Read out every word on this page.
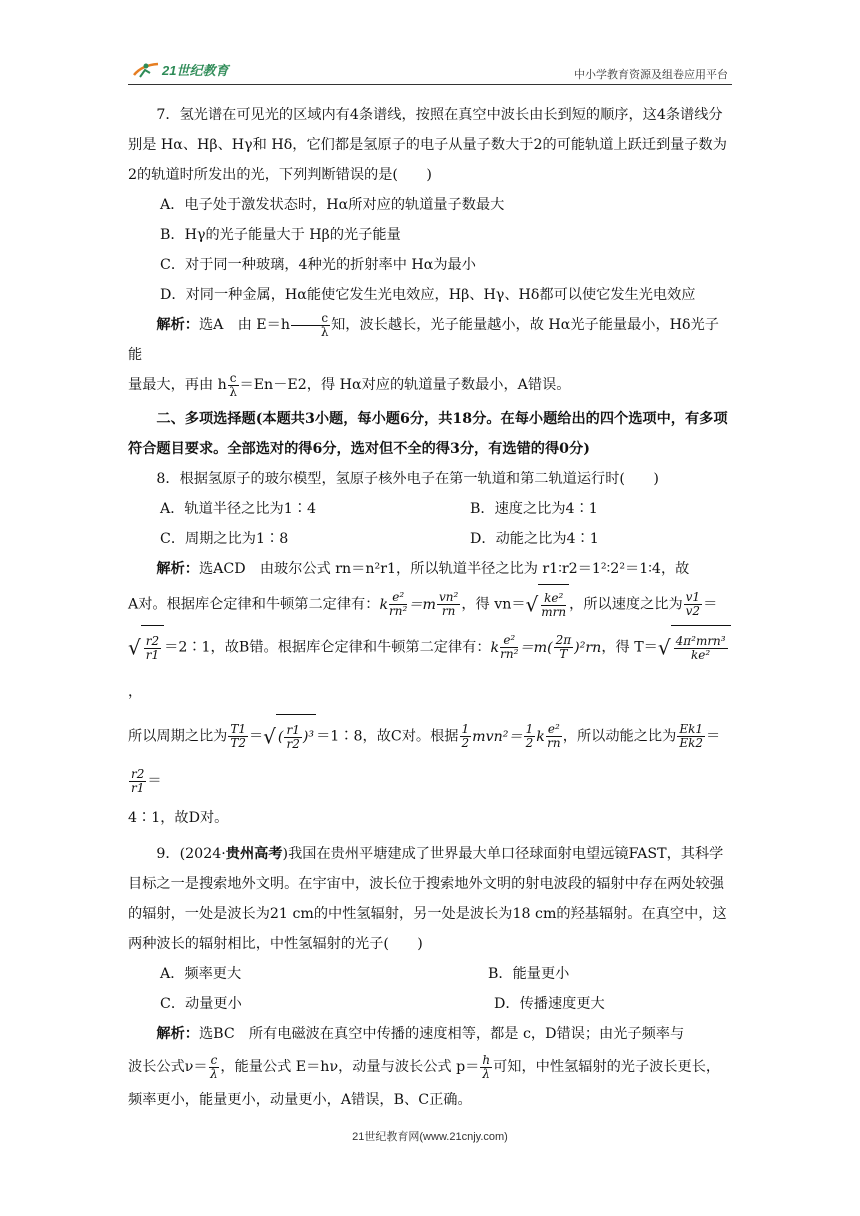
21世纪教育	中小学教育资源及组卷应用平台

7．氢光谱在可见光的区域内有4条谱线，按照在真空中波长由长到短的顺序，这4条谱线分别是 Hα、Hβ、Hγ和 Hδ，它们都是氢原子的电子从量子数大于2的可能轨道上跃迁到量子数为2的轨道时所发出的光，下列判断错误的是(　　)

A．电子处于激发状态时，Hα所对应的轨道量子数最大

B．Hγ的光子能量大于 Hβ的光子能量

C．对于同一种玻璃，4种光的折射率中 Hα为最小

D．对同一种金属，Hα能使它发生光电效应，Hβ、Hγ、Hδ都可以使它发生光电效应

解析：选A　由 $E=h \frac{c}{\lambda}$ 知，波长越长，光子能量越小，故 Hα光子能量最小，Hδ光子能

量最大，再由 h $\frac{c}{\lambda} =En-E2$，得 Hα对应的轨道量子数最小，A错误。

二、多项选择题(本题共3小题，每小题6分，共18分。在每小题给出的四个选项中，有多项符合题目要求。全部选对的得6分，选对但不全的得3分，有选错的得0分)

8．根据氢原子的玻尔模型，氢原子核外电子在第一轨道和第二轨道运行时(　　)

A．轨道半径之比为1∶4	B．速度之比为4∶1
C．周期之比为1∶8	D．动能之比为4∶1

解析：选ACD　由玻尔公式 rn＝n²r1，所以轨道半径之比为 r1∶r2＝1²∶2²＝1∶4，故

A对。根据库仑定律和牛顿第二定律有：k $\frac{\text{e²}}{\text{rn²}} =m \frac{\text{vn²}}{rn}$ ，得 $vn=√ \frac{\text{ke²}}{\text{mrn}}$ ，所以速度之比为 $\frac{v1}{v2}$ ＝

√ $\frac{r2}{r1}$ ＝2∶1，故B错。根据库仑定律和牛顿第二定律有：k $\frac{\text{e²}}{\text{rn²}} =m( \frac{2\pi}{T} )^2rn$，得 $T=√ \frac{\text{4π²mrn³}}{\text{ke²}}$
，

所以周期之比为 $\frac{T1}{T2}$ ＝√ ( $\frac{r1}{r2} )^3$ ＝1∶8，故C对。根据 $\frac{1}{2} mvn^2= \frac{1}{2}$ k $\frac{\text{e²}}{rn}$ ，所以动能之比为 $\frac{Ek1}{Ek2}$ ＝
$\frac{r2}{r1}$ ＝

4∶1，故D对。

9．(2024·贵州高考)我国在贵州平塘建成了世界最大单口径球面射电望远镜FAST，其科学目标之一是搜索地外文明。在宇宙中，波长位于搜索地外文明的射电波段的辐射中存在两处较强的辐射，一处是波长为21 cm的中性氢辐射，另一处是波长为18 cm的羟基辐射。在真空中，这两种波长的辐射相比，中性氢辐射的光子(　　)

A．频率更大	B．能量更小
C．动量更小	D．传播速度更大

解析：选BC　所有电磁波在真空中传播的速度相等，都是 c，D错误；由光子频率与

波长公式$\nu= \frac{c}{\lambda}$ ，能量公式 E＝hν，动量与波长公式 $p= \frac{h}{\lambda}$ 可知，中性氢辐射的光子波长更长，

频率更小，能量更小，动量更小，A错误，B、C正确。

21世纪教育网(www.21cnjy.com)
